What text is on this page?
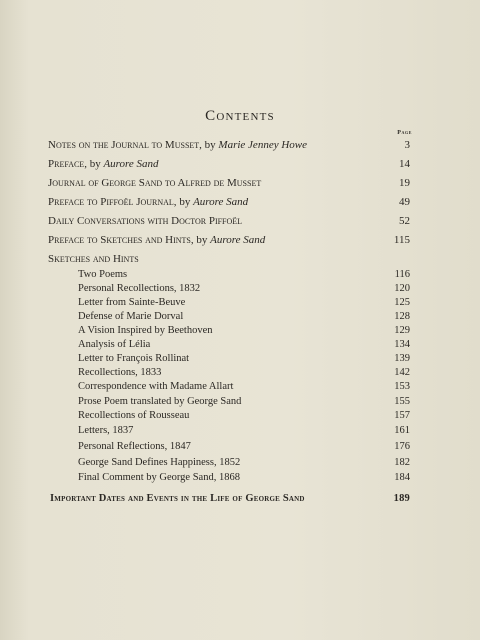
Contents
Page
Notes on the Journal to Musset, by Marie Jenney Howe	3
Preface, by Aurore Sand	14
Journal of George Sand to Alfred de Musset	19
Preface to Piffoël Journal, by Aurore Sand	49
Daily Conversations with Doctor Piffoël	52
Preface to Sketches and Hints, by Aurore Sand	115
Sketches and Hints
Two Poems	116
Personal Recollections, 1832	120
Letter from Sainte-Beuve	125
Defense of Marie Dorval	128
A Vision Inspired by Beethoven	129
Analysis of Lélia	134
Letter to François Rollinat	139
Recollections, 1833	142
Correspondence with Madame Allart	153
Prose Poem translated by George Sand	155
Recollections of Rousseau	157
Letters, 1837	161
Personal Reflections, 1847	176
George Sand Defines Happiness, 1852	182
Final Comment by George Sand, 1868	184
Important Dates and Events in the Life of George Sand	189
